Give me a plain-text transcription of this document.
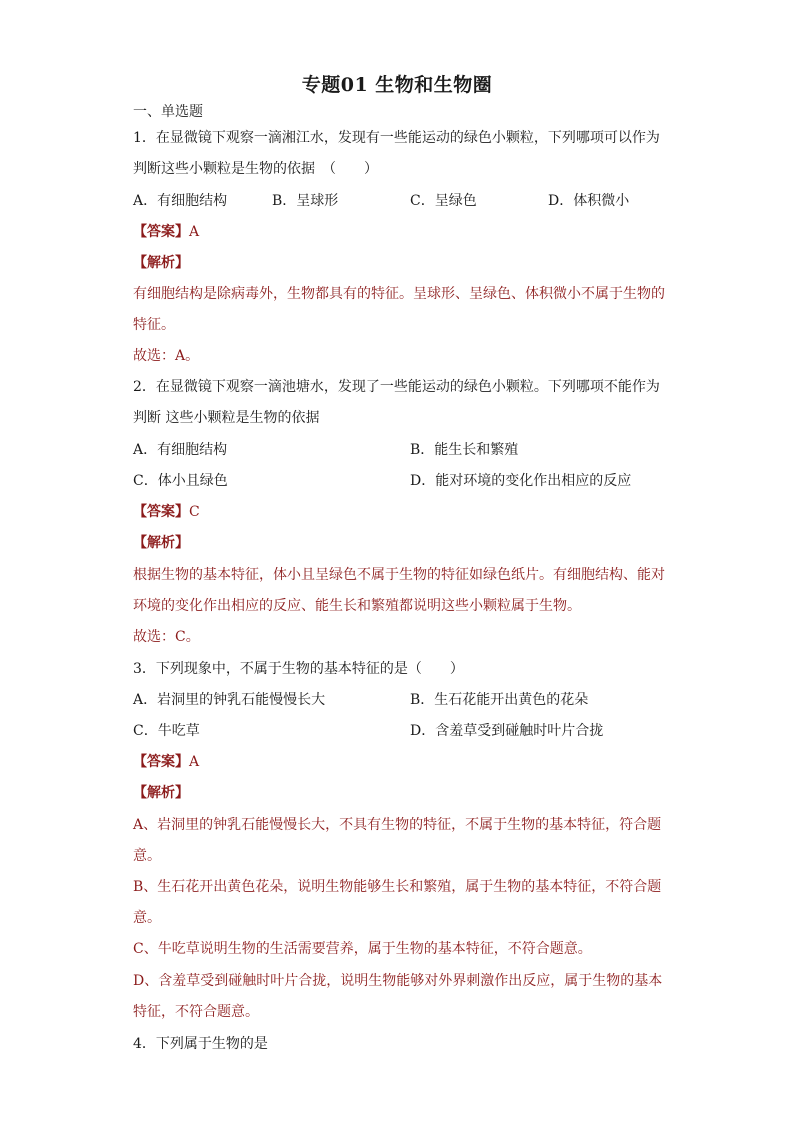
专题01 生物和生物圈
一、单选题
1．在显微镜下观察一滴湘江水，发现有一些能运动的绿色小颗粒，下列哪项可以作为
判断这些小颗粒是生物的依据　（　　）
A．有细胞结构	B．呈球形	C．呈绿色	D．体积微小
【答案】A
【解析】
有细胞结构是除病毒外，生物都具有的特征。呈球形、呈绿色、体积微小不属于生物的
特征。
故选：A。
2．在显微镜下观察一滴池塘水，发现了一些能运动的绿色小颗粒。下列哪项不能作为
判断 这些小颗粒是生物的依据
A．有细胞结构	B．能生长和繁殖
C．体小且绿色	D．能对环境的变化作出相应的反应
【答案】C
【解析】
根据生物的基本特征，体小且呈绿色不属于生物的特征如绿色纸片。有细胞结构、能对
环境的变化作出相应的反应、能生长和繁殖都说明这些小颗粒属于生物。
故选：C。
3．下列现象中，不属于生物的基本特征的是（　　）
A．岩洞里的钟乳石能慢慢长大	B．生石花能开出黄色的花朵
C．牛吃草	D．含羞草受到碰触时叶片合拢
【答案】A
【解析】
A、岩洞里的钟乳石能慢慢长大，不具有生物的特征，不属于生物的基本特征，符合题
意。
B、生石花开出黄色花朵，说明生物能够生长和繁殖，属于生物的基本特征，不符合题
意。
C、牛吃草说明生物的生活需要营养，属于生物的基本特征，不符合题意。
D、含羞草受到碰触时叶片合拢，说明生物能够对外界刺激作出反应，属于生物的基本
特征，不符合题意。
4．下列属于生物的是
